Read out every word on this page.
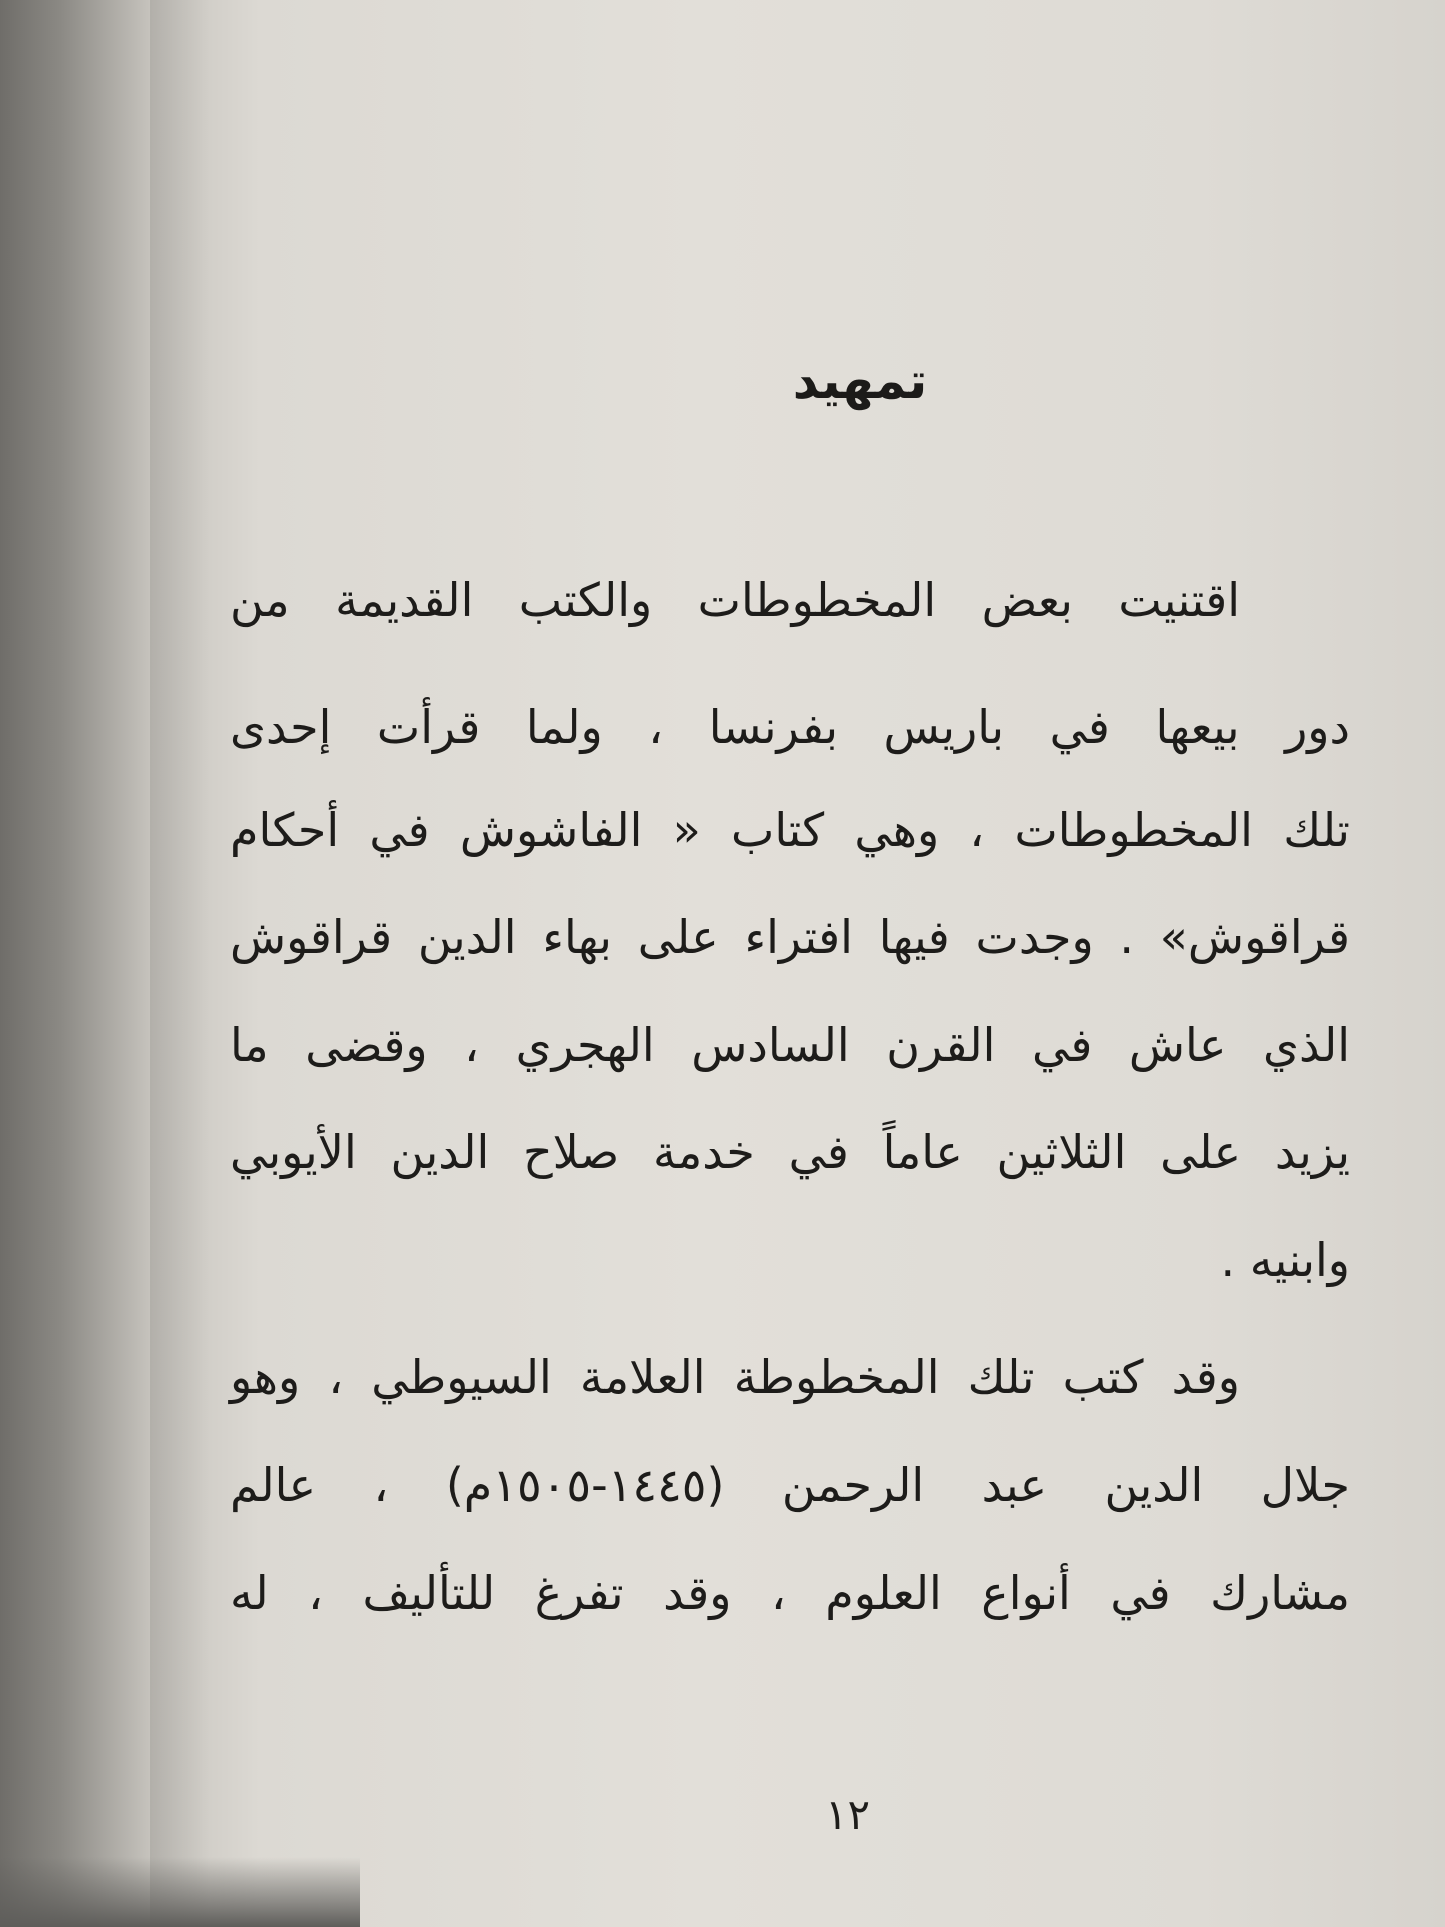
تمهيد
اقتنيت بعض المخطوطات والكتب القديمة من
دور بيعها في باريس بفرنسا ، ولما قرأت إحدى
تلك المخطوطات ، وهي كتاب « الفاشوش في أحكام
قراقوش» . وجدت فيها افتراء على بهاء الدين قراقوش
الذي عاش في القرن السادس الهجري ، وقضى ما
يزيد على الثلاثين عاماً في خدمة صلاح الدين الأيوبي
وابنيه .
وقد كتب تلك المخطوطة العلامة السيوطي ، وهو
جلال الدين عبد الرحمن (١٤٤٥-١٥٠٥م) ، عالم
مشارك في أنواع العلوم ، وقد تفرغ للتأليف ، له
١٢
